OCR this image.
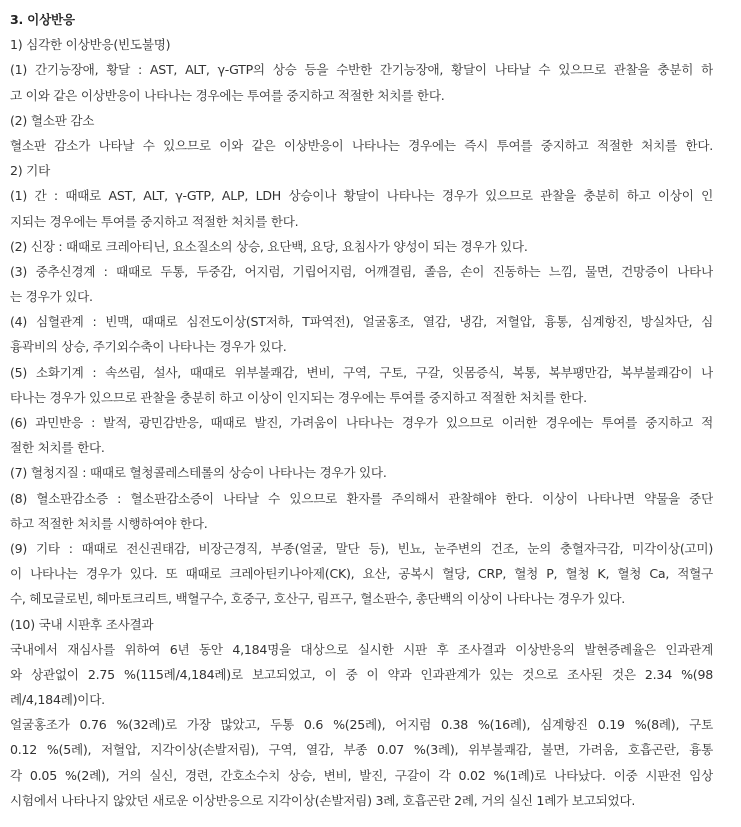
3. 이상반응
1) 심각한 이상반응(빈도불명)
(1) 간기능장애, 황달 : AST, ALT, γ-GTP의 상승 등을 수반한 간기능장애, 황달이 나타날 수 있으므로 관찰을 충분히 하
고 이와 같은 이상반응이 나타나는 경우에는 투여를 중지하고 적절한 처치를 한다.
(2) 혈소판 감소
혈소판 감소가 나타날 수 있으므로 이와 같은 이상반응이 나타나는 경우에는 즉시 투여를 중지하고 적절한 처치를 한다.
2) 기타
(1) 간 : 때때로 AST, ALT, γ-GTP, ALP, LDH 상승이나 황달이 나타나는 경우가 있으므로 관찰을 충분히 하고 이상이 인
지되는 경우에는 투여를 중지하고 적절한 처치를 한다.
(2) 신장 : 때때로 크레아티닌, 요소질소의 상승, 요단백, 요당, 요침사가 양성이 되는 경우가 있다.
(3) 중추신경계 : 때때로 두통, 두중감, 어지럼, 기립어지럼, 어깨결림, 졸음, 손이 진동하는 느낌, 물면, 건망증이 나타나
는 경우가 있다.
(4) 심혈관계 : 빈맥, 때때로 심전도이상(ST저하, T파역전), 얼굴홍조, 열감, 냉감, 저혈압, 흉통, 심계항진, 방실차단, 심
흉곽비의 상승, 주기외수축이 나타나는 경우가 있다.
(5) 소화기계 : 속쓰림, 설사, 때때로 위부불쾌감, 변비, 구역, 구토, 구갈, 잇몸증식, 복통, 복부팽만감, 복부불쾌감이 나
타나는 경우가 있으므로 관찰을 충분히 하고 이상이 인지되는 경우에는 투여를 중지하고 적절한 처치를 한다.
(6) 과민반응 : 발적, 광민감반응, 때때로 발진, 가려움이 나타나는 경우가 있으므로 이러한 경우에는 투여를 중지하고 적
절한 처치를 한다.
(7) 혈청지질 : 때때로 혈청콜레스테롤의 상승이 나타나는 경우가 있다.
(8) 혈소판감소증 : 혈소판감소증이 나타날 수 있으므로 환자를 주의해서 관찰해야 한다. 이상이 나타나면 약물을 중단
하고 적절한 처치를 시행하여야 한다.
(9) 기타 : 때때로 전신권태감, 비장근경직, 부종(얼굴, 말단 등), 빈뇨, 눈주변의 건조, 눈의 충혈자극감, 미각이상(고미)
이 나타나는 경우가 있다. 또 때때로 크레아틴키나아제(CK), 요산, 공복시 혈당, CRP, 혈청 P, 혈청 K, 혈청 Ca, 적혈구
수, 헤모글로빈, 헤마토크리트, 백혈구수, 호중구, 호산구, 림프구, 혈소판수, 총단백의 이상이 나타나는 경우가 있다.
(10) 국내 시판후 조사결과
국내에서 재심사를 위하여 6년 동안 4,184명을 대상으로 실시한 시판 후 조사결과 이상반응의 발현증례율은 인과관계
와 상관없이 2.75 %(115례/4,184례)로 보고되었고, 이 중 이 약과 인과관계가 있는 것으로 조사된 것은 2.34 %(98
례/4,184례)이다.
얼굴홍조가 0.76 %(32례)로 가장 많았고, 두통 0.6 %(25례), 어지럼 0.38 %(16례), 심계항진 0.19 %(8례), 구토
0.12 %(5례), 저혈압, 지각이상(손발저림), 구역, 열감, 부종 0.07 %(3례), 위부불쾌감, 불면, 가려움, 호흡곤란, 흉통
각 0.05 %(2례), 거의 실신, 경련, 간호소수치 상승, 변비, 발진, 구갈이 각 0.02 %(1례)로 나타났다. 이중 시판전 임상
시험에서 나타나지 않았던 새로운 이상반응으로 지각이상(손발저림) 3례, 호흡곤란 2례, 거의 실신 1례가 보고되었다.
